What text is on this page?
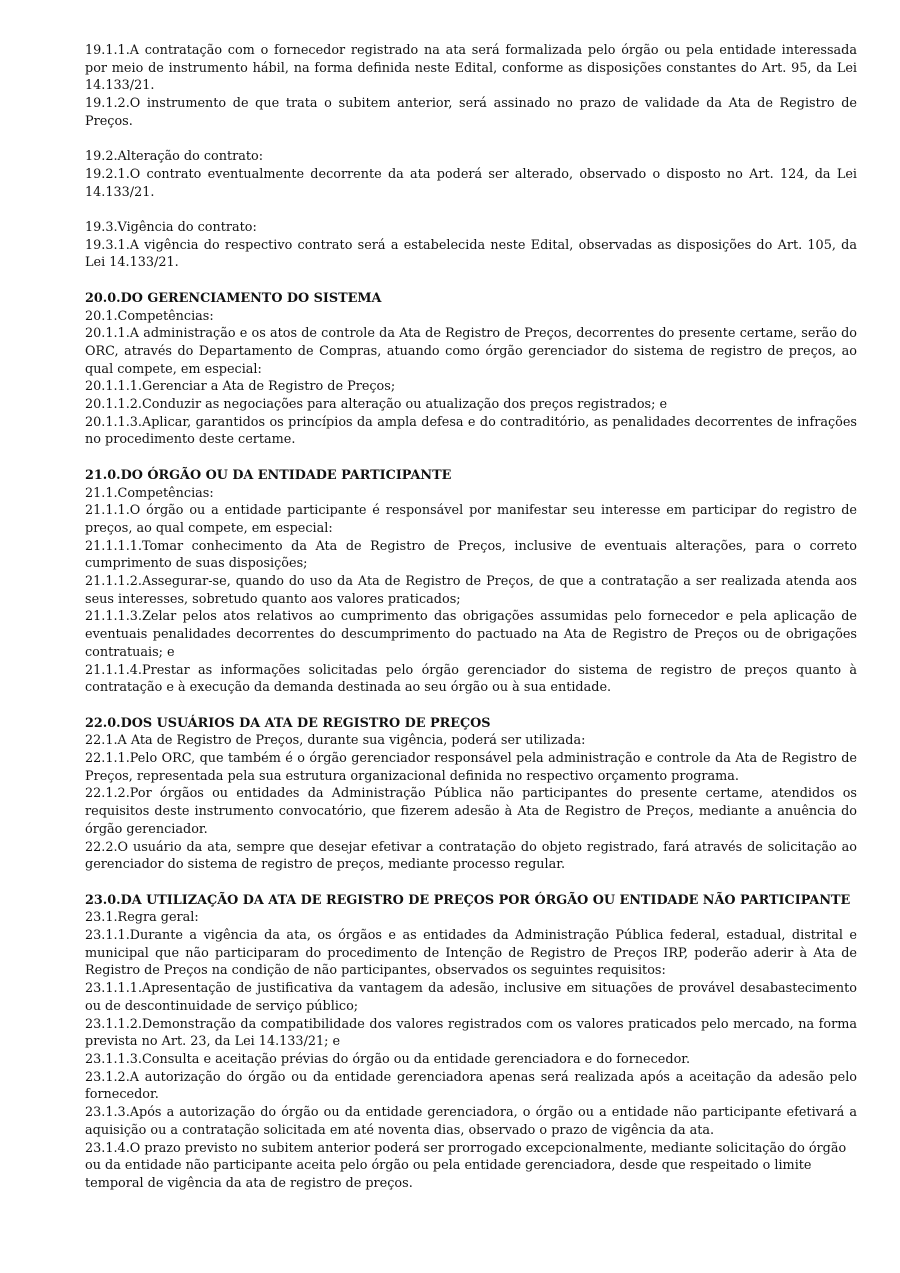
19.1.1.A contratação com o fornecedor registrado na ata será formalizada pelo órgão ou pela entidade interessada por meio de instrumento hábil, na forma definida neste Edital, conforme as disposições constantes do Art. 95, da Lei 14.133/21.

19.1.2.O instrumento de que trata o subitem anterior, será assinado no prazo de validade da Ata de Registro de Preços.

19.2.Alteração do contrato:

19.2.1.O contrato eventualmente decorrente da ata poderá ser alterado, observado o disposto no Art. 124, da Lei 14.133/21.

19.3.Vigência do contrato:

19.3.1.A vigência do respectivo contrato será a estabelecida neste Edital, observadas as disposições do Art. 105, da Lei 14.133/21.

20.0.DO GERENCIAMENTO DO SISTEMA

20.1.Competências:

20.1.1.A administração e os atos de controle da Ata de Registro de Preços, decorrentes do presente certame, serão do ORC, através do Departamento de Compras, atuando como órgão gerenciador do sistema de registro de preços, ao qual compete, em especial:

20.1.1.1.Gerenciar a Ata de Registro de Preços;

20.1.1.2.Conduzir as negociações para alteração ou atualização dos preços registrados; e

20.1.1.3.Aplicar, garantidos os princípios da ampla defesa e do contraditório, as penalidades decorrentes de infrações no procedimento deste certame.

21.0.DO ÓRGÃO OU DA ENTIDADE PARTICIPANTE

21.1.Competências:

21.1.1.O órgão ou a entidade participante é responsável por manifestar seu interesse em participar do registro de preços, ao qual compete, em especial:

21.1.1.1.Tomar conhecimento da Ata de Registro de Preços, inclusive de eventuais alterações, para o correto cumprimento de suas disposições;

21.1.1.2.Assegurar-se, quando do uso da Ata de Registro de Preços, de que a contratação a ser realizada atenda aos seus interesses, sobretudo quanto aos valores praticados;

21.1.1.3.Zelar pelos atos relativos ao cumprimento das obrigações assumidas pelo fornecedor e pela aplicação de eventuais penalidades decorrentes do descumprimento do pactuado na Ata de Registro de Preços ou de obrigações contratuais; e

21.1.1.4.Prestar as informações solicitadas pelo órgão gerenciador do sistema de registro de preços quanto à contratação e à execução da demanda destinada ao seu órgão ou à sua entidade.

22.0.DOS USUÁRIOS DA ATA DE REGISTRO DE PREÇOS

22.1.A Ata de Registro de Preços, durante sua vigência, poderá ser utilizada:

22.1.1.Pelo ORC, que também é o órgão gerenciador responsável pela administração e controle da Ata de Registro de Preços, representada pela sua estrutura organizacional definida no respectivo orçamento programa.

22.1.2.Por órgãos ou entidades da Administração Pública não participantes do presente certame, atendidos os requisitos deste instrumento convocatório, que fizerem adesão à Ata de Registro de Preços, mediante a anuência do órgão gerenciador.

22.2.O usuário da ata, sempre que desejar efetivar a contratação do objeto registrado, fará através de solicitação ao gerenciador do sistema de registro de preços, mediante processo regular.

23.0.DA UTILIZAÇÃO DA ATA DE REGISTRO DE PREÇOS POR ÓRGÃO OU ENTIDADE NÃO PARTICIPANTE

23.1.Regra geral:

23.1.1.Durante a vigência da ata, os órgãos e as entidades da Administração Pública federal, estadual, distrital e municipal que não participaram do procedimento de Intenção de Registro de Preços IRP, poderão aderir à Ata de Registro de Preços na condição de não participantes, observados os seguintes requisitos:

23.1.1.1.Apresentação de justificativa da vantagem da adesão, inclusive em situações de provável desabastecimento ou de descontinuidade de serviço público;

23.1.1.2.Demonstração da compatibilidade dos valores registrados com os valores praticados pelo mercado, na forma prevista no Art. 23, da Lei 14.133/21; e

23.1.1.3.Consulta e aceitação prévias do órgão ou da entidade gerenciadora e do fornecedor.

23.1.2.A autorização do órgão ou da entidade gerenciadora apenas será realizada após a aceitação da adesão pelo fornecedor.

23.1.3.Após a autorização do órgão ou da entidade gerenciadora, o órgão ou a entidade não participante efetivará a aquisição ou a contratação solicitada em até noventa dias, observado o prazo de vigência da ata.

23.1.4.O prazo previsto no subitem anterior poderá ser prorrogado excepcionalmente, mediante solicitação do órgão ou da entidade não participante aceita pelo órgão ou pela entidade gerenciadora, desde que respeitado o limite temporal de vigência da ata de registro de preços.
